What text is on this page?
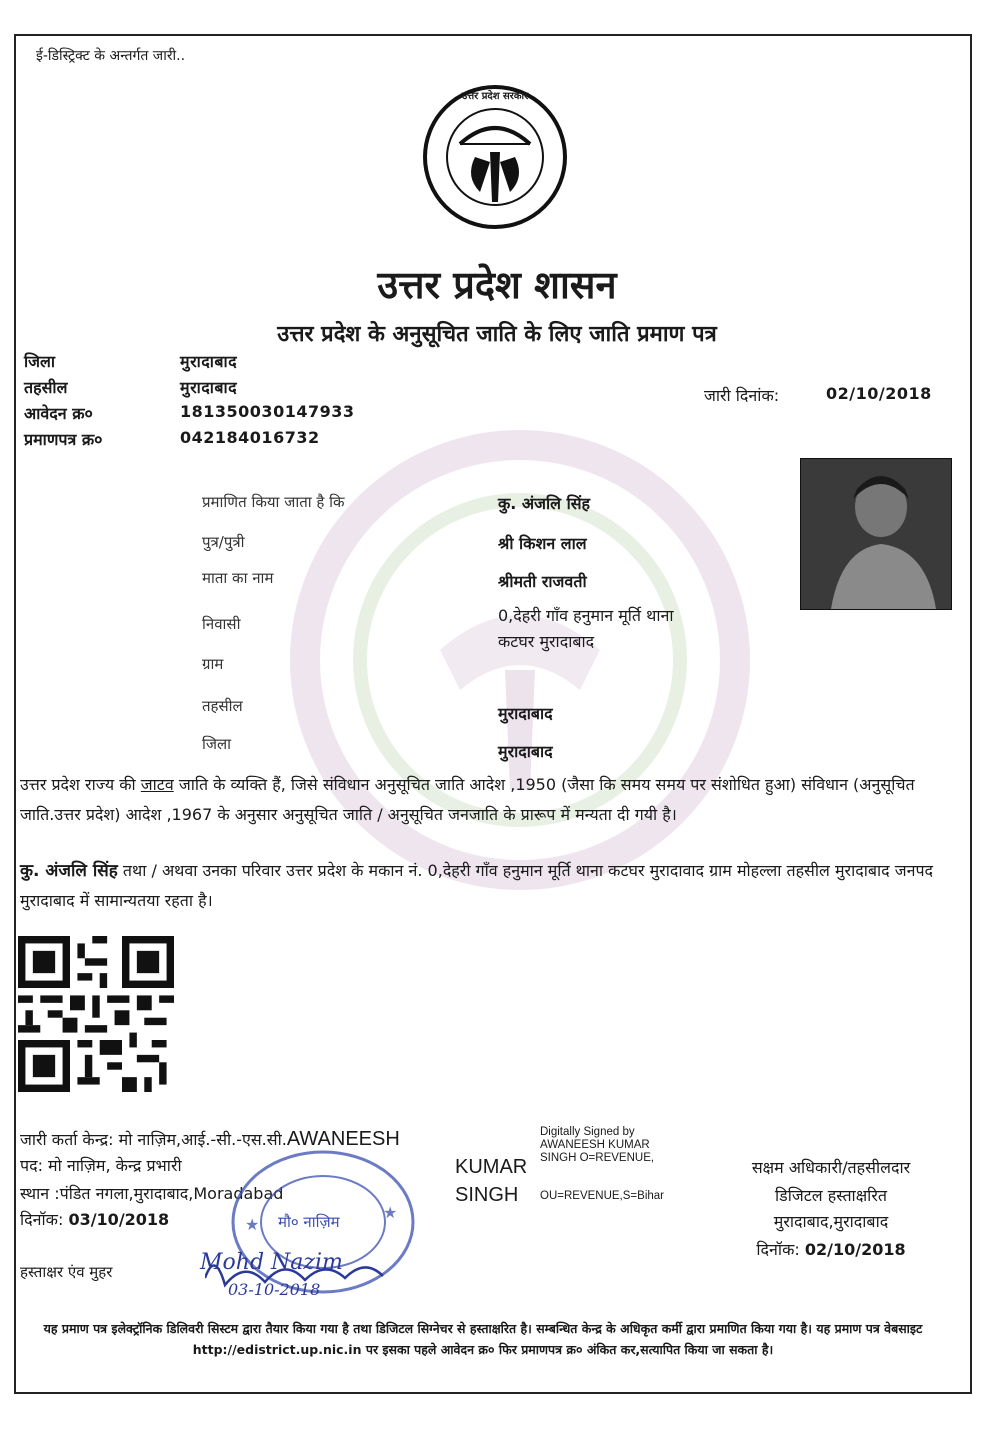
ई-डिस्ट्रिक्ट के अन्तर्गत जारी..
उत्तर प्रदेश सरकार
उत्तर प्रदेश शासन
उत्तर प्रदेश के अनुसूचित जाति के लिए जाति प्रमाण पत्र
जिला	मुरादाबाद
तहसील	मुरादाबाद
आवेदन क्र०	181350030147933
प्रमाणपत्र क्र०	042184016732
जारी दिनांक:	02/10/2018
प्रमाणित किया जाता है कि	कु. अंजलि सिंह
पुत्र/पुत्री	श्री किशन लाल
माता का नाम	श्रीमती राजवती
निवासी	0,देहरी गाँव हनुमान मूर्ति थाना
कटघर मुरादाबाद
ग्राम
तहसील	मुरादाबाद
जिला	मुरादाबाद
उत्तर प्रदेश राज्य की जाटव जाति के व्यक्ति हैं, जिसे संविधान अनुसूचित जाति आदेश ,1950 (जैसा कि समय समय पर संशोधित हुआ) संविधान (अनुसूचित जाति.उत्तर प्रदेश) आदेश ,1967 के अनुसार अनुसूचित जाति / अनुसूचित जनजाति के प्रारूप में मन्यता दी गयी है।
कु. अंजलि सिंह तथा / अथवा उनका परिवार उत्तर प्रदेश के मकान नं. 0,देहरी गाँव हनुमान मूर्ति थाना कटघर मुरादावाद ग्राम मोहल्ला तहसील मुरादाबाद जनपद मुरादाबाद में सामान्यतया रहता है।
जारी कर्ता केन्द्र: मो नाज़िम,आई.-सी.-एस.सी.AWANEESH
पद: मो नाज़िम, केन्द्र प्रभारी
स्थान :पंडित नगला,मुरादाबाद,Moradabad
दिनॉक: 03/10/2018
हस्ताक्षर एंव मुहर
Digitally Signed by
AWANEESH KUMAR
SINGH O=REVENUE,
KUMAR
SINGH OU=REVENUE,S=Bihar
सक्षम अधिकारी/तहसीलदार
डिजिटल हस्ताक्षरित
मुरादाबाद,मुरादाबाद
दिनॉक: 02/10/2018
★
★ मौ० नाज़िम
Mohd Nazim
03-10-2018
यह प्रमाण पत्र इलेक्ट्रॉनिक डिलिवरी सिस्टम द्वारा तैयार किया गया है तथा डिजिटल सिग्नेचर से हस्ताक्षरित है। सम्बन्धित केन्द्र के अधिकृत कर्मी द्वारा प्रमाणित किया गया है। यह प्रमाण पत्र वेबसाइट http://edistrict.up.nic.in पर इसका पहले आवेदन क्र० फिर प्रमाणपत्र क्र० अंकित कर,सत्यापित किया जा सकता है।
